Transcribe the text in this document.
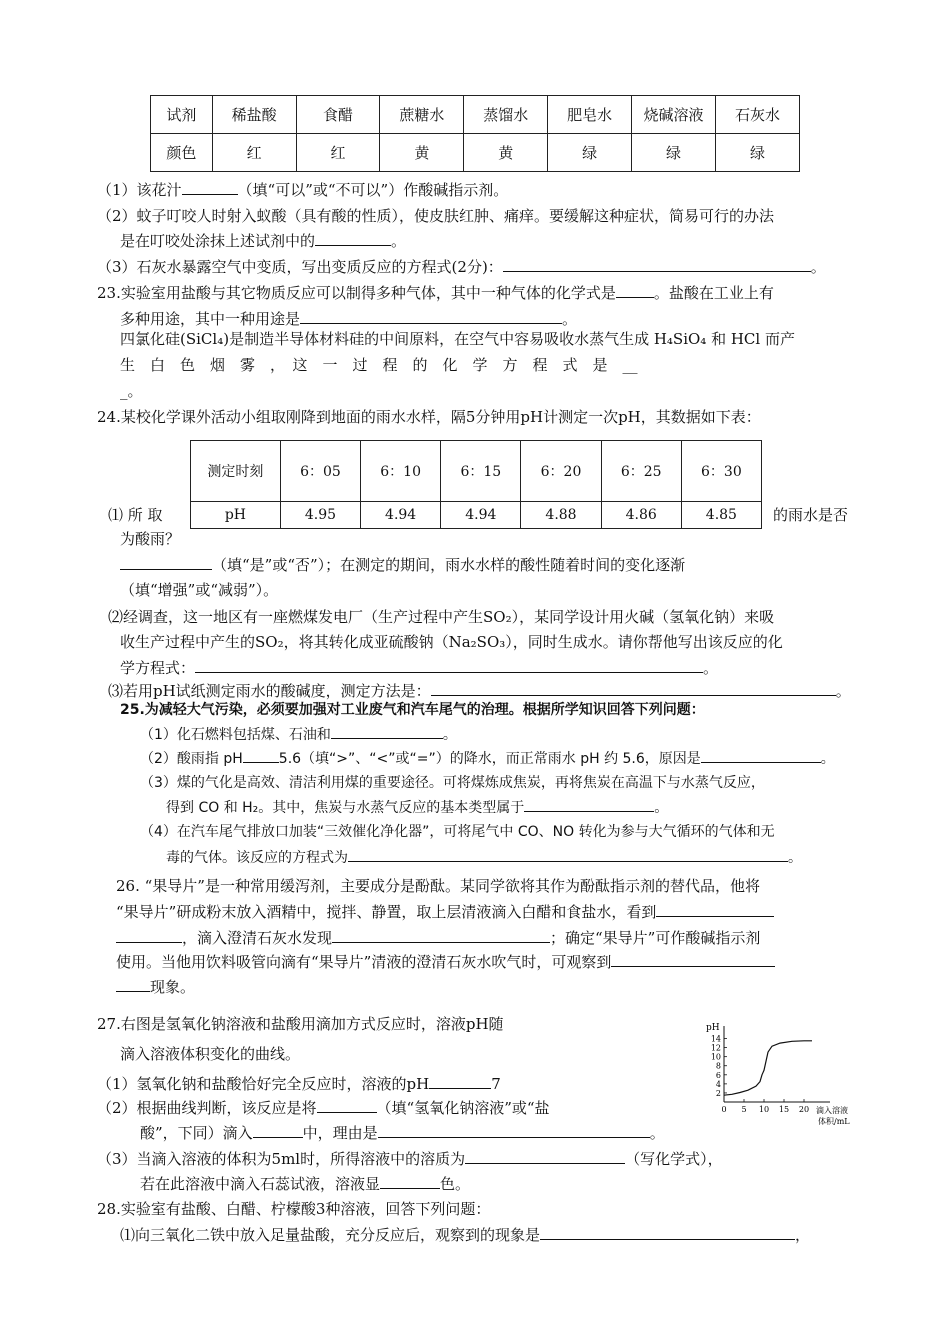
试剂	稀盐酸	食醋	蔗糖水	蒸馏水	肥皂水	烧碱溶液	石灰水
颜色	红	红	黄	黄	绿	绿	绿
（1）该花汁	（填“可以”或“不可以”）作酸碱指示剂。
（2）蚊子叮咬人时射入蚁酸（具有酸的性质），使皮肤红肿、痛痒。要缓解这种症状，简易可行的办法
是在叮咬处涂抹上述试剂中的	。
（3）石灰水暴露空气中变质，写出变质反应的方程式(2分)：	。
23.实验室用盐酸与其它物质反应可以制得多种气体，其中一种气体的化学式是	。盐酸在工业上有
多种用途，其中一种用途是	。
四氯化硅(SiCl₄)是制造半导体材料硅的中间原料，在空气中容易吸收水蒸气生成 H₄SiO₄ 和 HCl 而产
生　白　色　烟　雾　，　这　一　过　程　的　化　学　方　程　式　是　__
_。
24.某校化学课外活动小组取刚降到地面的雨水水样，隔5分钟用pH计测定一次pH，其数据如下表：
测定时刻	6：05	6：10	6：15	6：20	6：25	6：30
pH	4.95	4.94	4.94	4.88	4.86	4.85
⑴ 所 取	的雨水是否
为酸雨？
（填“是”或“否”）；在测定的期间，雨水水样的酸性随着时间的变化逐渐
（填“增强”或“减弱”）。
⑵经调查，这一地区有一座燃煤发电厂（生产过程中产生SO₂），某同学设计用火碱（氢氧化钠）来吸
收生产过程中产生的SO₂，将其转化成亚硫酸钠（Na₂SO₃），同时生成水。请你帮他写出该反应的化
学方程式：	。
⑶若用pH试纸测定雨水的酸碱度，测定方法是：	。
25.为减轻大气污染，必须要加强对工业废气和汽车尾气的治理。根据所学知识回答下列问题：
（1）化石燃料包括煤、石油和	。
（2）酸雨指 pH	5.6（填“>”、“<”或“=”）的降水，而正常雨水 pH 约 5.6，原因是	。
（3）煤的气化是高效、清洁利用煤的重要途径。可将煤炼成焦炭，再将焦炭在高温下与水蒸气反应，
得到 CO 和 H₂。其中，焦炭与水蒸气反应的基本类型属于	。
（4）在汽车尾气排放口加装“三效催化净化器”，可将尾气中 CO、NO 转化为参与大气循环的气体和无
毒的气体。该反应的方程式为	。
26. “果导片”是一种常用缓泻剂，主要成分是酚酞。某同学欲将其作为酚酞指示剂的替代品，他将
“果导片”研成粉末放入酒精中，搅拌、静置，取上层清液滴入白醋和食盐水，看到
，滴入澄清石灰水发现	；确定“果导片”可作酸碱指示剂
使用。当他用饮料吸管向滴有“果导片”清液的澄清石灰水吹气时，可观察到
现象。
27.右图是氢氧化钠溶液和盐酸用滴加方式反应时，溶液pH随
滴入溶液体积变化的曲线。
（1）氢氧化钠和盐酸恰好完全反应时，溶液的pH	7
（2）根据曲线判断，该反应是将	（填“氢氧化钠溶液”或“盐
酸”，下同）滴入	中，理由是	。
（3）当滴入溶液的体积为5ml时，所得溶液中的溶质为	（写化学式），
若在此溶液中滴入石蕊试液，溶液显	色。
pH
2
4
6
8
10
12
14
0 5 10 15 20 滴入溶液
体积/mL
28.实验室有盐酸、白醋、柠檬酸3种溶液，回答下列问题：
⑴向三氧化二铁中放入足量盐酸，充分反应后，观察到的现象是	，
